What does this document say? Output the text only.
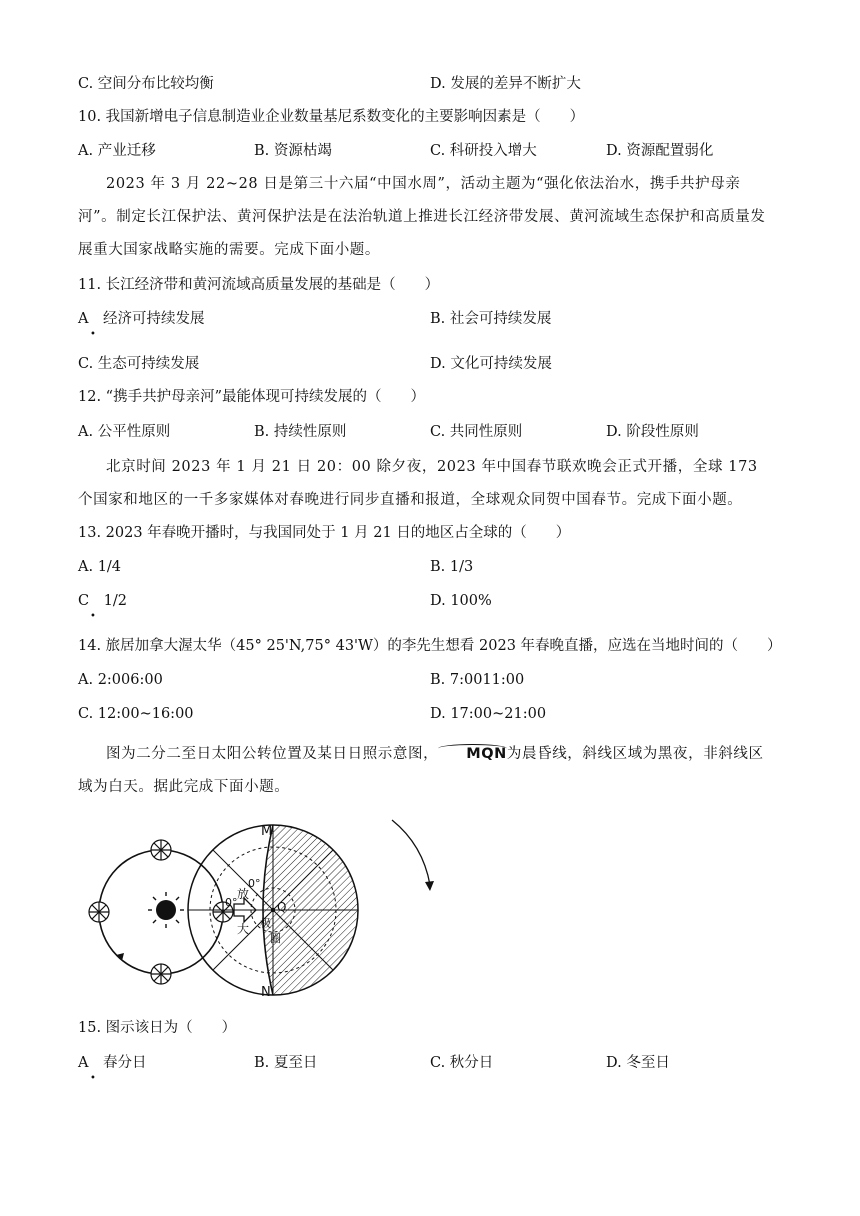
C. 空间分布比较均衡	D. 发展的差异不断扩大
10. 我国新增电子信息制造业企业数量基尼系数变化的主要影响因素是（　　）
A. 产业迁移	B. 资源枯竭	C. 科研投入增大	D. 资源配置弱化
2023 年 3 月 22~28 日是第三十六届“中国水周”，活动主题为“强化依法治水，携手共护母亲河”。制定长江保护法、黄河保护法是在法治轨道上推进长江经济带发展、黄河流域生态保护和高质量发展重大国家战略实施的需要。完成下面小题。
11. 长江经济带和黄河流域高质量发展的基础是（　　）
A　经济可持续发展
•
B. 社会可持续发展
C. 生态可持续发展	D. 文化可持续发展
12. “携手共护母亲河”最能体现可持续发展的（　　）
A. 公平性原则	B. 持续性原则	C. 共同性原则	D. 阶段性原则
北京时间 2023 年 1 月 21 日 20：00 除夕夜，2023 年中国春节联欢晚会正式开播，全球 173 个国家和地区的一千多家媒体对春晚进行同步直播和报道，全球观众同贺中国春节。完成下面小题。
13. 2023 年春晚开播时，与我国同处于 1 月 21 日的地区占全球的（　　）
A. 1/4	B. 1/3
C　1/2
•
D. 100%
14. 旅居加拿大渥太华（45° 25'N,75° 43'W）的李先生想看 2023 年春晚直播，应选在当地时间的（　　）
A. 2:006:00	B. 7:0011:00
C. 12:00~16:00	D. 17:00~21:00
图为二分二至日太阳公转位置及某日日照示意图， MQN为晨昏线，斜线区域为黑夜，非斜线区域为白天。据此完成下面小题。
放
大
0°
0°
极
圈
Q
M
N
15. 图示该日为（　　）
A　春分日
•
B. 夏至日	C. 秋分日	D. 冬至日
